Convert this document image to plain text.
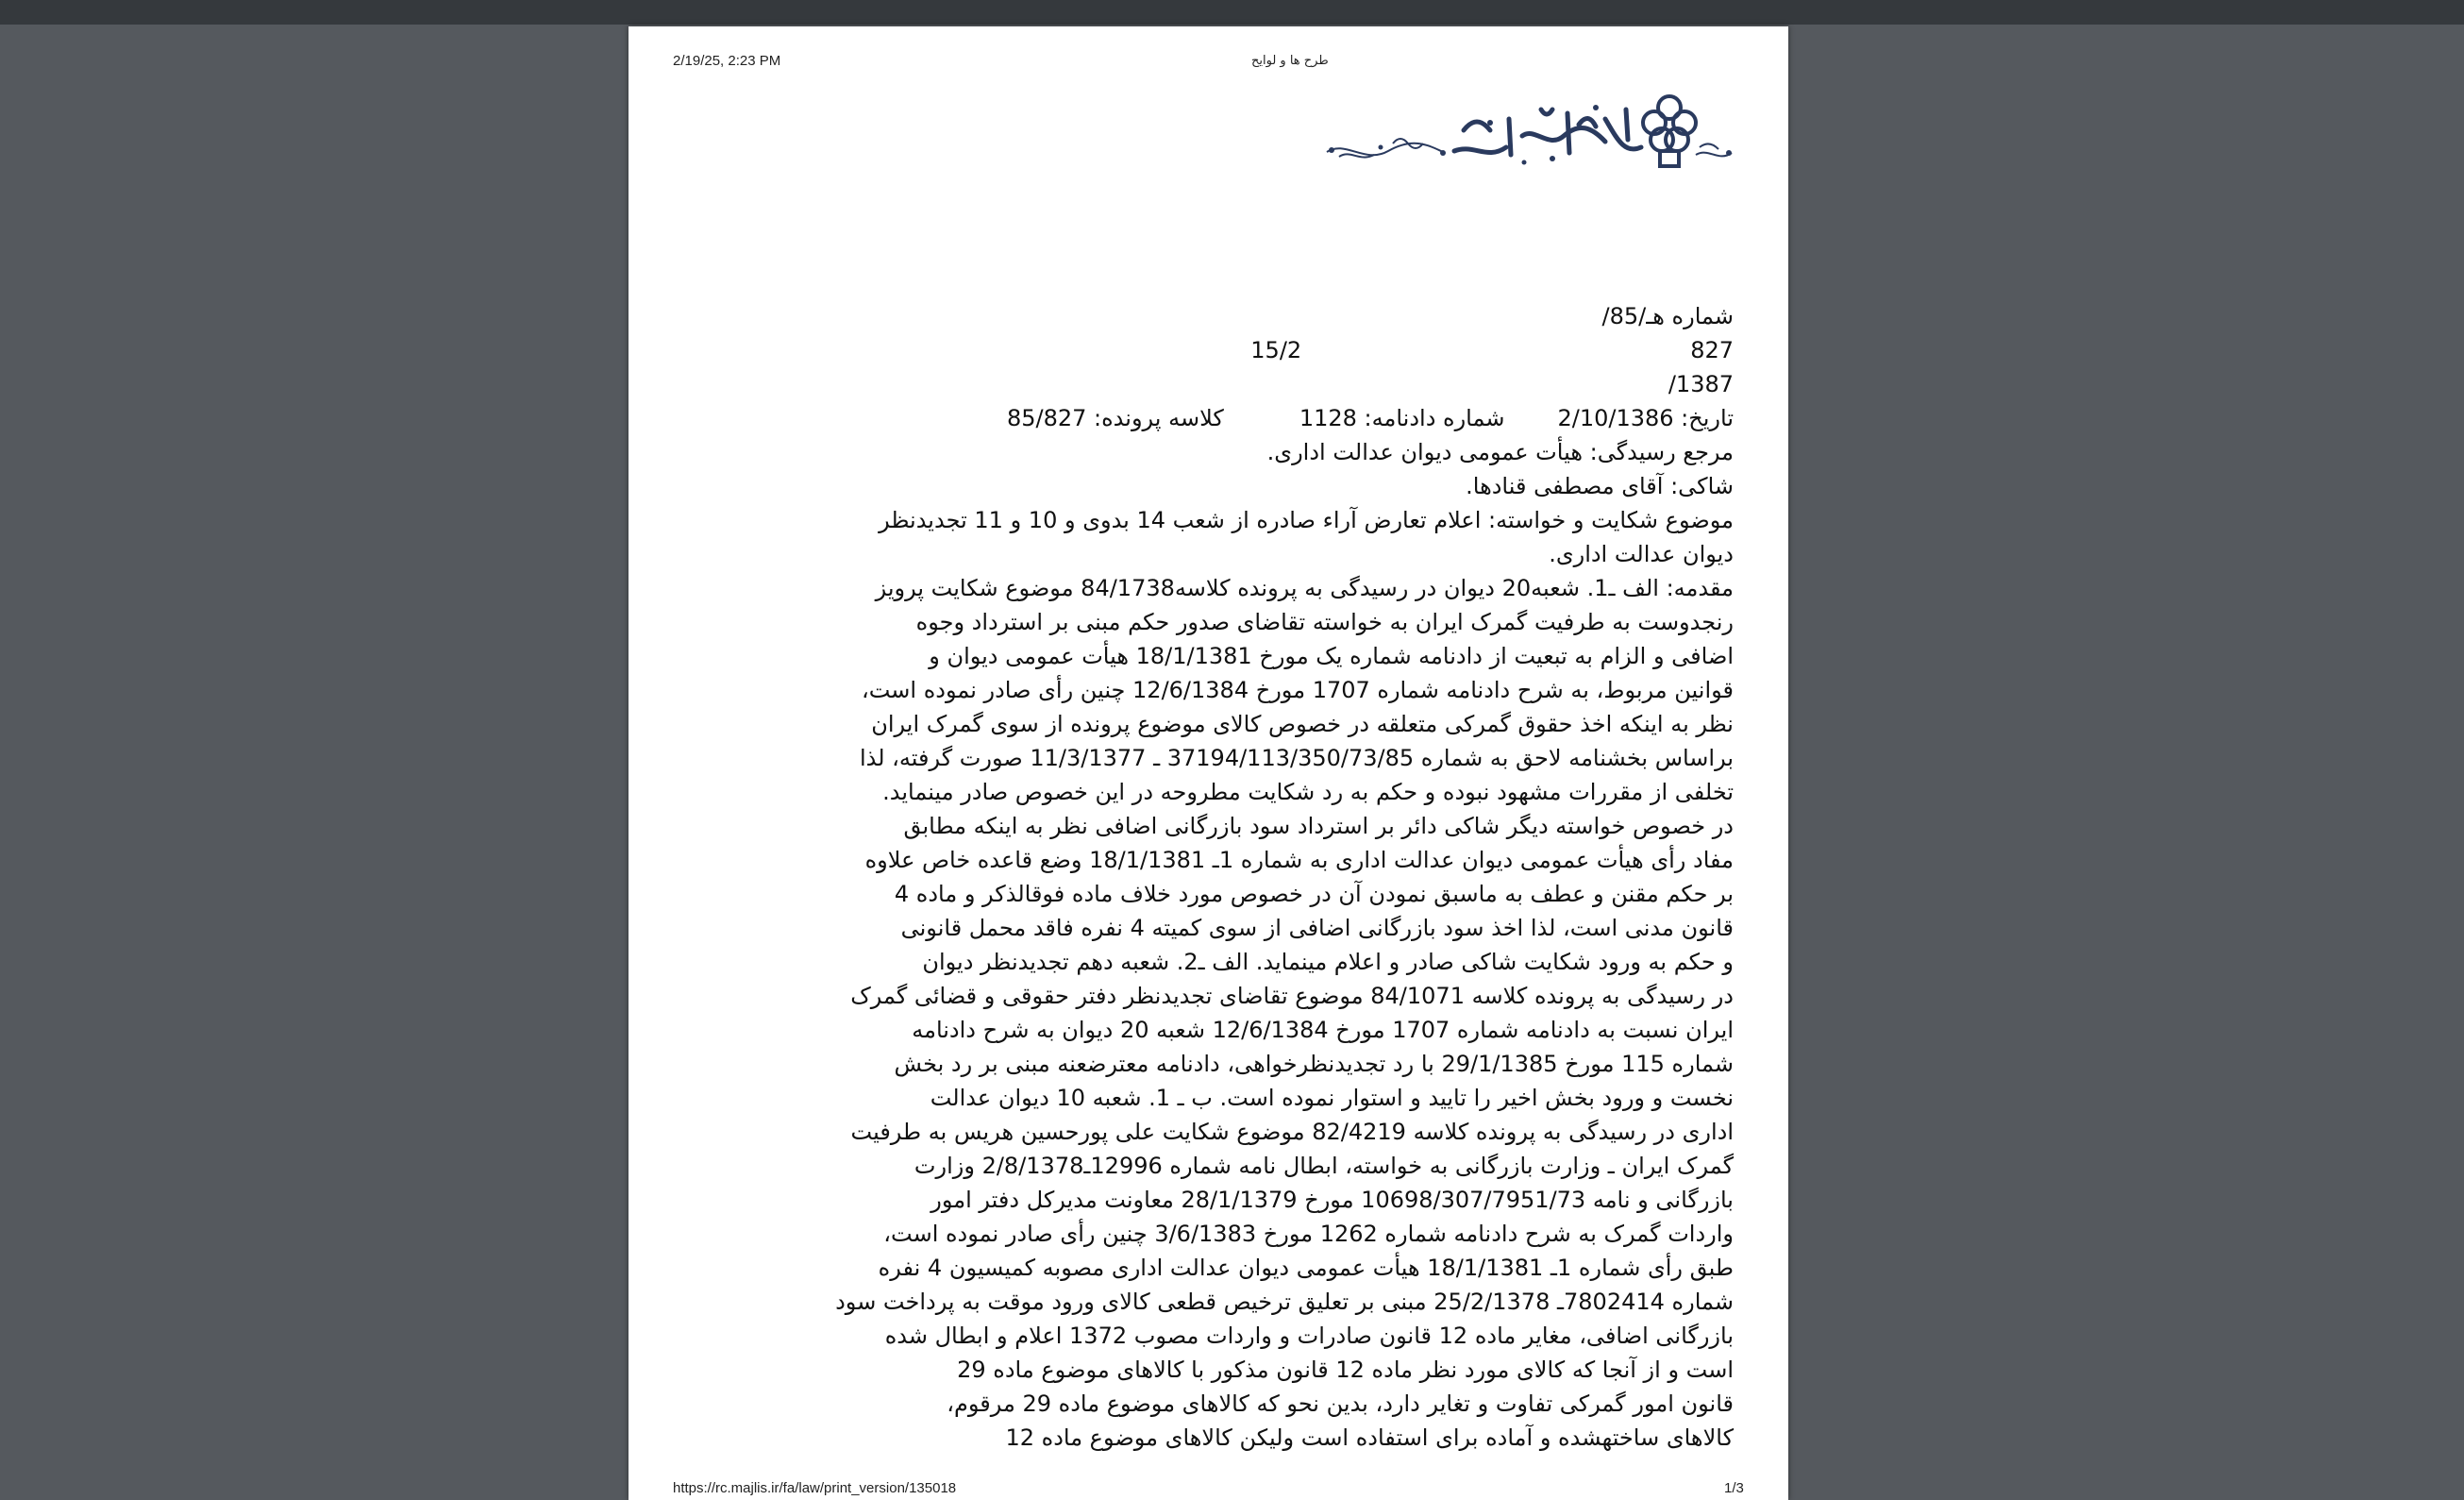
2/19/25, 2:23 PM	طرح ها و لوایح
شماره هـ/85/
82715/2
1387/
تاریخ: 2/10/1386شماره دادنامه: 1128کلاسه پرونده: 85/827
مرجع رسیدگی: هیأت عمومی دیوان عدالت اداری.
شاکی: آقای مصطفی قنادها.
موضوع شکایت و خواسته: اعلام تعارض آراء صادره از شعب 14 بدوی و 10 و 11 تجدیدنظر
دیوان عدالت اداری.
مقدمه: الف ـ1. شعبه20 دیوان در رسیدگی به پرونده کلاسه84/1738 موضوع شکایت پرویز
رنجدوست به طرفیت گمرک ایران به خواسته تقاضای صدور حکم مبنی بر استرداد وجوه
اضافی و الزام به تبعیت از دادنامه شماره یک مورخ 18/1/1381 هیأت عمومی دیوان و
قوانین مربوط، به شرح دادنامه شماره 1707 مورخ 12/6/1384 چنین رأی صادر نموده است،
نظر به اینکه اخذ حقوق گمرکی متعلقه در خصوص کالای موضوع پرونده از سوی گمرک ایران
براساس بخشنامه لاحق به شماره 37194/113/350/73/85 ـ 11/3/1377 صورت گرفته، لذا
تخلفی از مقررات مشهود نبوده و حکم به رد شکایت مطروحه در این خصوص صادر مینماید.
در خصوص خواسته دیگر شاکی دائر بر استرداد سود بازرگانی اضافی نظر به اینکه مطابق
مفاد رأی هیأت عمومی دیوان عدالت اداری به شماره 1ـ 18/1/1381 وضع قاعده خاص علاوه
بر حکم مقنن و عطف به ماسبق نمودن آن در خصوص مورد خلاف ماده فوقالذکر و ماده 4
قانون مدنی است، لذا اخذ سود بازرگانی اضافی از سوی کمیته 4 نفره فاقد محمل قانونی
و حکم به ورود شکایت شاکی صادر و اعلام مینماید. الف ـ2. شعبه دهم تجدیدنظر دیوان
در رسیدگی به پرونده کلاسه 84/1071 موضوع تقاضای تجدیدنظر دفتر حقوقی و قضائی گمرک
ایران نسبت به دادنامه شماره 1707 مورخ 12/6/1384 شعبه 20 دیوان به شرح دادنامه
شماره 115 مورخ 29/1/1385 با رد تجدیدنظرخواهی، دادنامه معترضعنه مبنی بر رد بخش
نخست و ورود بخش اخیر را تایید و استوار نموده است. ب ـ 1. شعبه 10 دیوان عدالت
اداری در رسیدگی به پرونده کلاسه 82/4219 موضوع شکایت علی پورحسین هریس به طرفیت
گمرک ایران ـ وزارت بازرگانی به خواسته، ابطال نامه شماره 12996ـ2/8/1378 وزارت
بازرگانی و نامه 10698/307/7951/73 مورخ 28/1/1379 معاونت مدیرکل دفتر امور
واردات گمرک به شرح دادنامه شماره 1262 مورخ 3/6/1383 چنین رأی صادر نموده است،
طبق رأی شماره 1ـ 18/1/1381 هیأت عمومی دیوان عدالت اداری مصوبه کمیسیون 4 نفره
شماره 7802414ـ 25/2/1378 مبنی بر تعلیق ترخیص قطعی کالای ورود موقت به پرداخت سود
بازرگانی اضافی، مغایر ماده 12 قانون صادرات و واردات مصوب 1372 اعلام و ابطال شده
است و از آنجا که کالای مورد نظر ماده 12 قانون مذکور با کالاهای موضوع ماده 29
قانون امور گمرکی تفاوت و تغایر دارد، بدین نحو که کالاهای موضوع ماده 29 مرقوم،
کالاهای ساختهشده و آماده برای استفاده است ولیکن کالاهای موضوع ماده 12
https://rc.majlis.ir/fa/law/print_version/135018	1/3
